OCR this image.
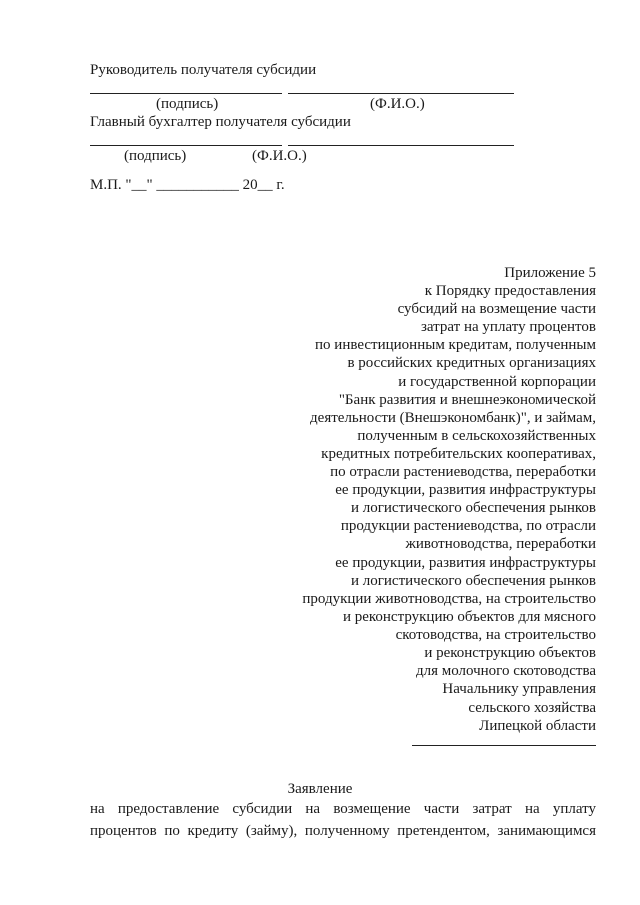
Руководитель получателя субсидии
(подпись)	(Ф.И.О.)
Главный бухгалтер получателя субсидии
(подпись)	(Ф.И.О.)
М.П. "__" ___________ 20__ г.
Приложение 5
к Порядку предоставления
субсидий на возмещение части
затрат на уплату процентов
по инвестиционным кредитам, полученным
в российских кредитных организациях
и государственной корпорации
"Банк развития и внешнеэкономической
деятельности (Внешэкономбанк)", и займам,
полученным в сельскохозяйственных
кредитных потребительских кооперативах,
по отрасли растениеводства, переработки
ее продукции, развития инфраструктуры
и логистического обеспечения рынков
продукции растениеводства, по отрасли
животноводства, переработки
ее продукции, развития инфраструктуры
и логистического обеспечения рынков
продукции животноводства, на строительство
и реконструкцию объектов для мясного
скотоводства, на строительство
и реконструкцию объектов
для молочного скотоводства
Начальнику управления
сельского хозяйства
Липецкой области
Заявление
на предоставление субсидии на возмещение части затрат на уплату
процентов по кредиту (займу), полученному претендентом, занимающимся
